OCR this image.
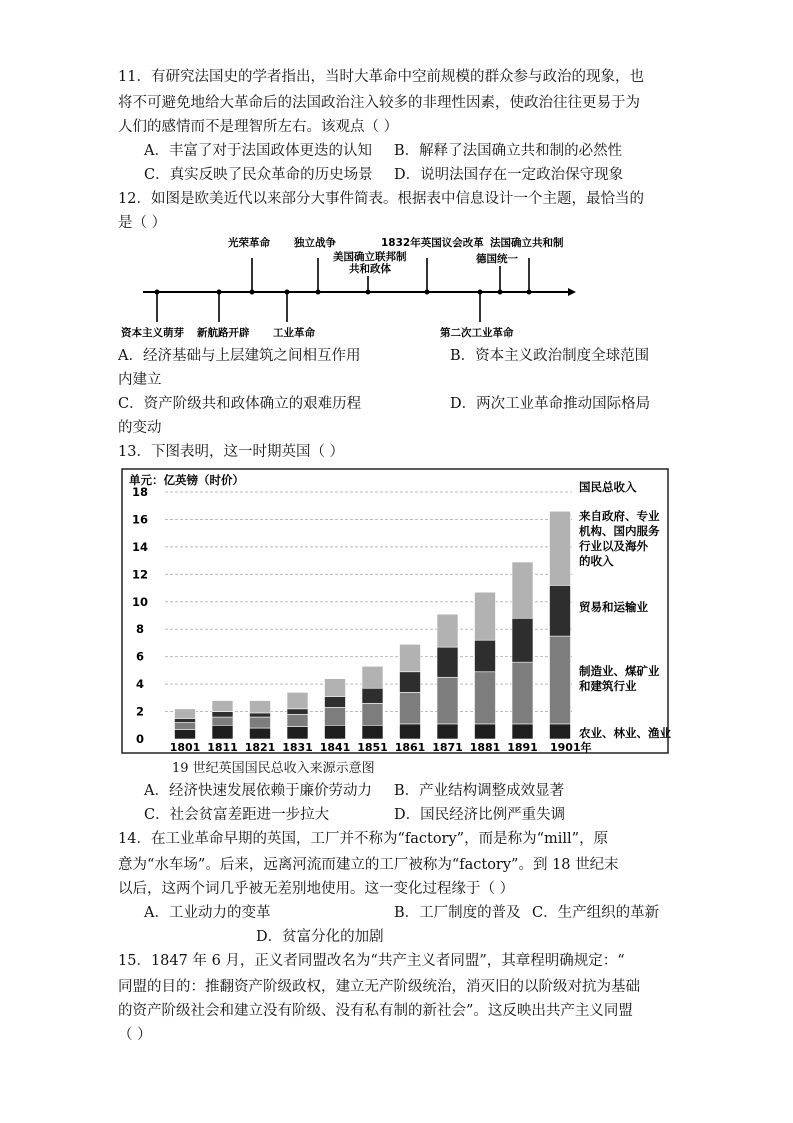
11．有研究法国史的学者指出，当时大革命中空前规模的群众参与政治的现象，也
将不可避免地给大革命后的法国政治注入较多的非理性因素，使政治往往更易于为
人们的感情而不是理智所左右。该观点（ ）
A．丰富了对于法国政体更迭的认知 B．解释了法国确立共和制的必然性
C．真实反映了民众革命的历史场景 D．说明法国存在一定政治保守现象
12．如图是欧美近代以来部分大事件简表。根据表中信息设计一个主题，最恰当的
是（ ）
光荣革命 独立战争
美国确立联邦制
共和政体
1832年英国议会改革
德国统一
法国确立共和制
资本主义萌芽 新航路开辟 工业革命	第二次工业革命
A．经济基础与上层建筑之间相互作用	B．资本主义政治制度全球范围
内建立
C．资产阶级共和政体确立的艰难历程	D．两次工业革命推动国际格局
的变动
13．下图表明，这一时期英国（ ）
单元：亿英镑（时价）
0
2
4
6
8
10
12
14
16
18
1801 1811 1821 1831 1841 1851 1861 1871 1881 1891 1901年
国民总收入
来自政府、专业机构、国内服务行业以及海外的收入
贸易和运输业
制造业、煤矿业和建筑行业
农业、林业、渔业
19 世纪英国国民总收入来源示意图
A．经济快速发展依赖于廉价劳动力 B．产业结构调整成效显著
C．社会贫富差距进一步拉大	D．国民经济比例严重失调
14．在工业革命早期的英国，工厂并不称为“factory”，而是称为“mill”，原
意为“水车场”。后来，远离河流而建立的工厂被称为“factory”。到 18 世纪末
以后，这两个词几乎被无差别地使用。这一变化过程缘于（ ）
A．工业动力的变革	B．工厂制度的普及 C．生产组织的革新
D．贫富分化的加剧
15．1847 年 6 月，正义者同盟改名为“共产主义者同盟”，其章程明确规定：“
同盟的目的：推翻资产阶级政权，建立无产阶级统治，消灭旧的以阶级对抗为基础
的资产阶级社会和建立没有阶级、没有私有制的新社会”。这反映出共产主义同盟
（ ）
